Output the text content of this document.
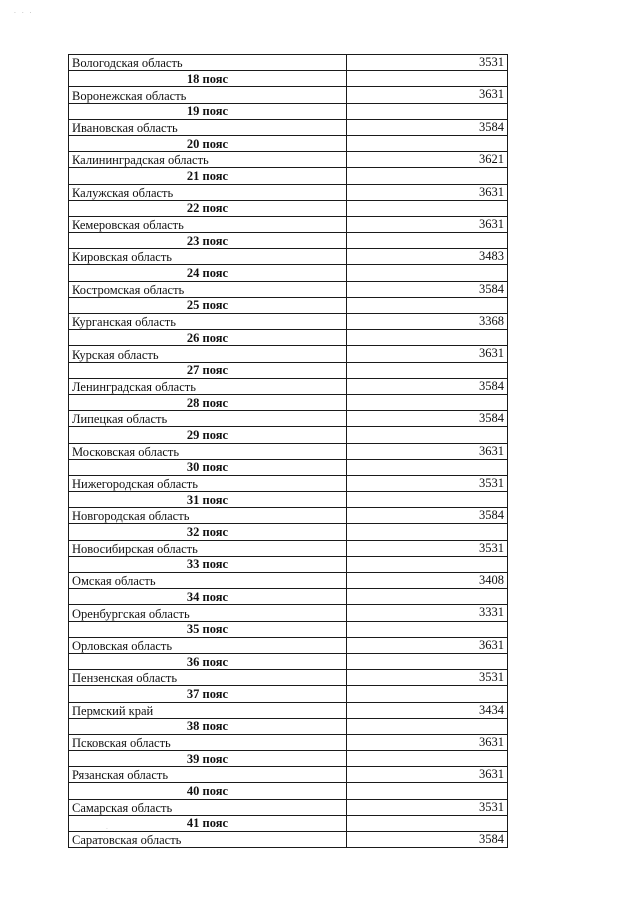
· · ·
·
Вологодская область	3531
18 пояс	
Воронежская область	3631
19 пояс	
Ивановская область	3584
20 пояс	
Калининградская область	3621
21 пояс	
Калужская область	3631
22 пояс	
Кемеровская область	3631
23 пояс	
Кировская область	3483
24 пояс	
Костромская область	3584
25 пояс	
Курганская область	3368
26 пояс	
Курская область	3631
27 пояс	
Ленинградская область	3584
28 пояс	
Липецкая область	3584
29 пояс	
Московская область	3631
30 пояс	
Нижегородская область	3531
31 пояс	
Новгородская область	3584
32 пояс	
Новосибирская область	3531
33 пояс	
Омская область	3408
34 пояс	
Оренбургская область	3331
35 пояс	
Орловская область	3631
36 пояс	
Пензенская область	3531
37 пояс	
Пермский край	3434
38 пояс	
Псковская область	3631
39 пояс	
Рязанская область	3631
40 пояс	
Самарская область	3531
41 пояс	
Саратовская область	3584
